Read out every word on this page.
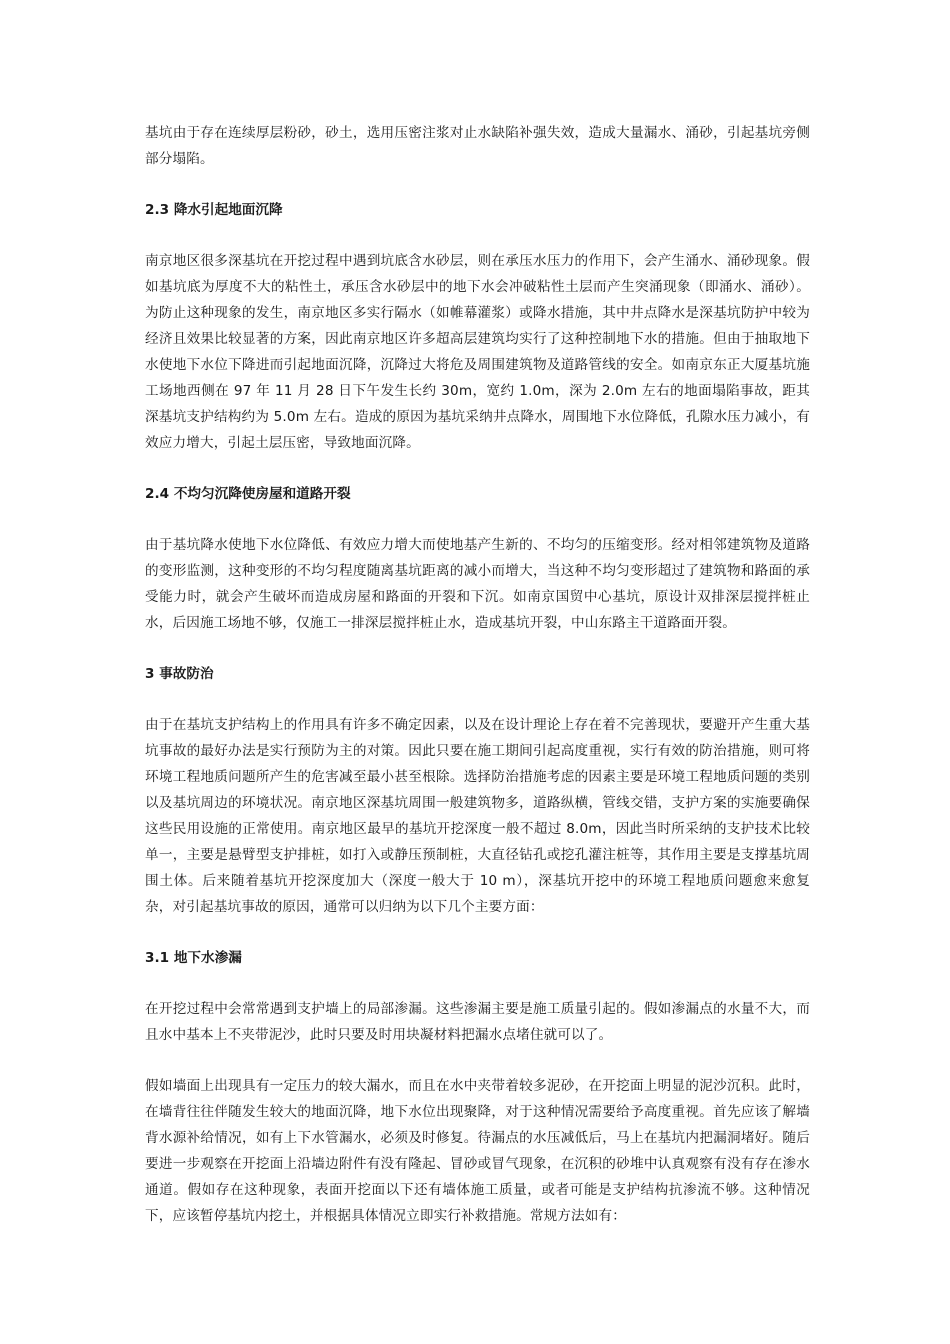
基坑由于存在连续厚层粉砂，砂土，选用压密注浆对止水缺陷补强失效，造成大量漏水、涌砂，引起基坑旁侧部分塌陷。

2.3 降水引起地面沉降

南京地区很多深基坑在开挖过程中遇到坑底含水砂层，则在承压水压力的作用下，会产生涌水、涌砂现象。假如基坑底为厚度不大的粘性土，承压含水砂层中的地下水会冲破粘性土层而产生突涌现象（即涌水、涌砂）。为防止这种现象的发生，南京地区多实行隔水（如帷幕灌浆）或降水措施，其中井点降水是深基坑防护中较为经济且效果比较显著的方案，因此南京地区许多超高层建筑均实行了这种控制地下水的措施。但由于抽取地下水使地下水位下降进而引起地面沉降，沉降过大将危及周围建筑物及道路管线的安全。如南京东正大厦基坑施工场地西侧在 97 年 11 月 28 日下午发生长约 30m，宽约 1.0m，深为 2.0m 左右的地面塌陷事故，距其深基坑支护结构约为 5.0m 左右。造成的原因为基坑采纳井点降水，周围地下水位降低，孔隙水压力减小，有效应力增大，引起土层压密，导致地面沉降。

2.4 不均匀沉降使房屋和道路开裂

由于基坑降水使地下水位降低、有效应力增大而使地基产生新的、不均匀的压缩变形。经对相邻建筑物及道路的变形监测，这种变形的不均匀程度随离基坑距离的减小而增大，当这种不均匀变形超过了建筑物和路面的承受能力时，就会产生破坏而造成房屋和路面的开裂和下沉。如南京国贸中心基坑，原设计双排深层搅拌桩止水，后因施工场地不够，仅施工一排深层搅拌桩止水，造成基坑开裂，中山东路主干道路面开裂。

3 事故防治

由于在基坑支护结构上的作用具有许多不确定因素，以及在设计理论上存在着不完善现状，要避开产生重大基坑事故的最好办法是实行预防为主的对策。因此只要在施工期间引起高度重视，实行有效的防治措施，则可将环境工程地质问题所产生的危害减至最小甚至根除。选择防治措施考虑的因素主要是环境工程地质问题的类别以及基坑周边的环境状况。南京地区深基坑周围一般建筑物多，道路纵横，管线交错，支护方案的实施要确保这些民用设施的正常使用。南京地区最早的基坑开挖深度一般不超过 8.0m，因此当时所采纳的支护技术比较单一，主要是悬臂型支护排桩，如打入或静压预制桩，大直径钻孔或挖孔灌注桩等，其作用主要是支撑基坑周围土体。后来随着基坑开挖深度加大（深度一般大于 10 m），深基坑开挖中的环境工程地质问题愈来愈复杂，对引起基坑事故的原因，通常可以归纳为以下几个主要方面：

3.1 地下水渗漏

在开挖过程中会常常遇到支护墙上的局部渗漏。这些渗漏主要是施工质量引起的。假如渗漏点的水量不大，而且水中基本上不夹带泥沙，此时只要及时用块凝材料把漏水点堵住就可以了。

假如墙面上出现具有一定压力的较大漏水，而且在水中夹带着较多泥砂，在开挖面上明显的泥沙沉积。此时，在墙背往往伴随发生较大的地面沉降，地下水位出现聚降，对于这种情况需要给予高度重视。首先应该了解墙背水源补给情况，如有上下水管漏水，必须及时修复。待漏点的水压减低后，马上在基坑内把漏洞堵好。随后要进一步观察在开挖面上沿墙边附件有没有隆起、冒砂或冒气现象，在沉积的砂堆中认真观察有没有存在渗水通道。假如存在这种现象，表面开挖面以下还有墙体施工质量，或者可能是支护结构抗渗流不够。这种情况下，应该暂停基坑内挖土，并根据具体情况立即实行补救措施。常规方法如有：
